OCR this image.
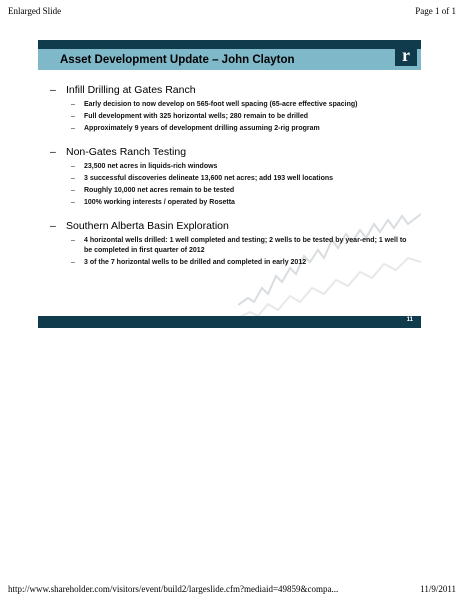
Enlarged Slide	Page 1 of 1
Asset Development Update – John Clayton	r
– Infill Drilling at Gates Ranch
– Early decision to now develop on 565-foot well spacing (65-acre effective spacing)
– Full development with 325 horizontal wells; 280 remain to be drilled
– Approximately 9 years of development drilling assuming 2-rig program
– Non-Gates Ranch Testing
– 23,500 net acres in liquids-rich windows
– 3 successful discoveries delineate 13,600 net acres; add 193 well locations
– Roughly 10,000 net acres remain to be tested
– 100% working interests / operated by Rosetta
– Southern Alberta Basin Exploration
– 4 horizontal wells drilled: 1 well completed and testing; 2 wells to be tested by year-end; 1 well to be completed in first quarter of 2012
– 3 of the 7 horizontal wells to be drilled and completed in early 2012
11
http://www.shareholder.com/visitors/event/build2/largeslide.cfm?mediaid=49859&compa...	11/9/2011
